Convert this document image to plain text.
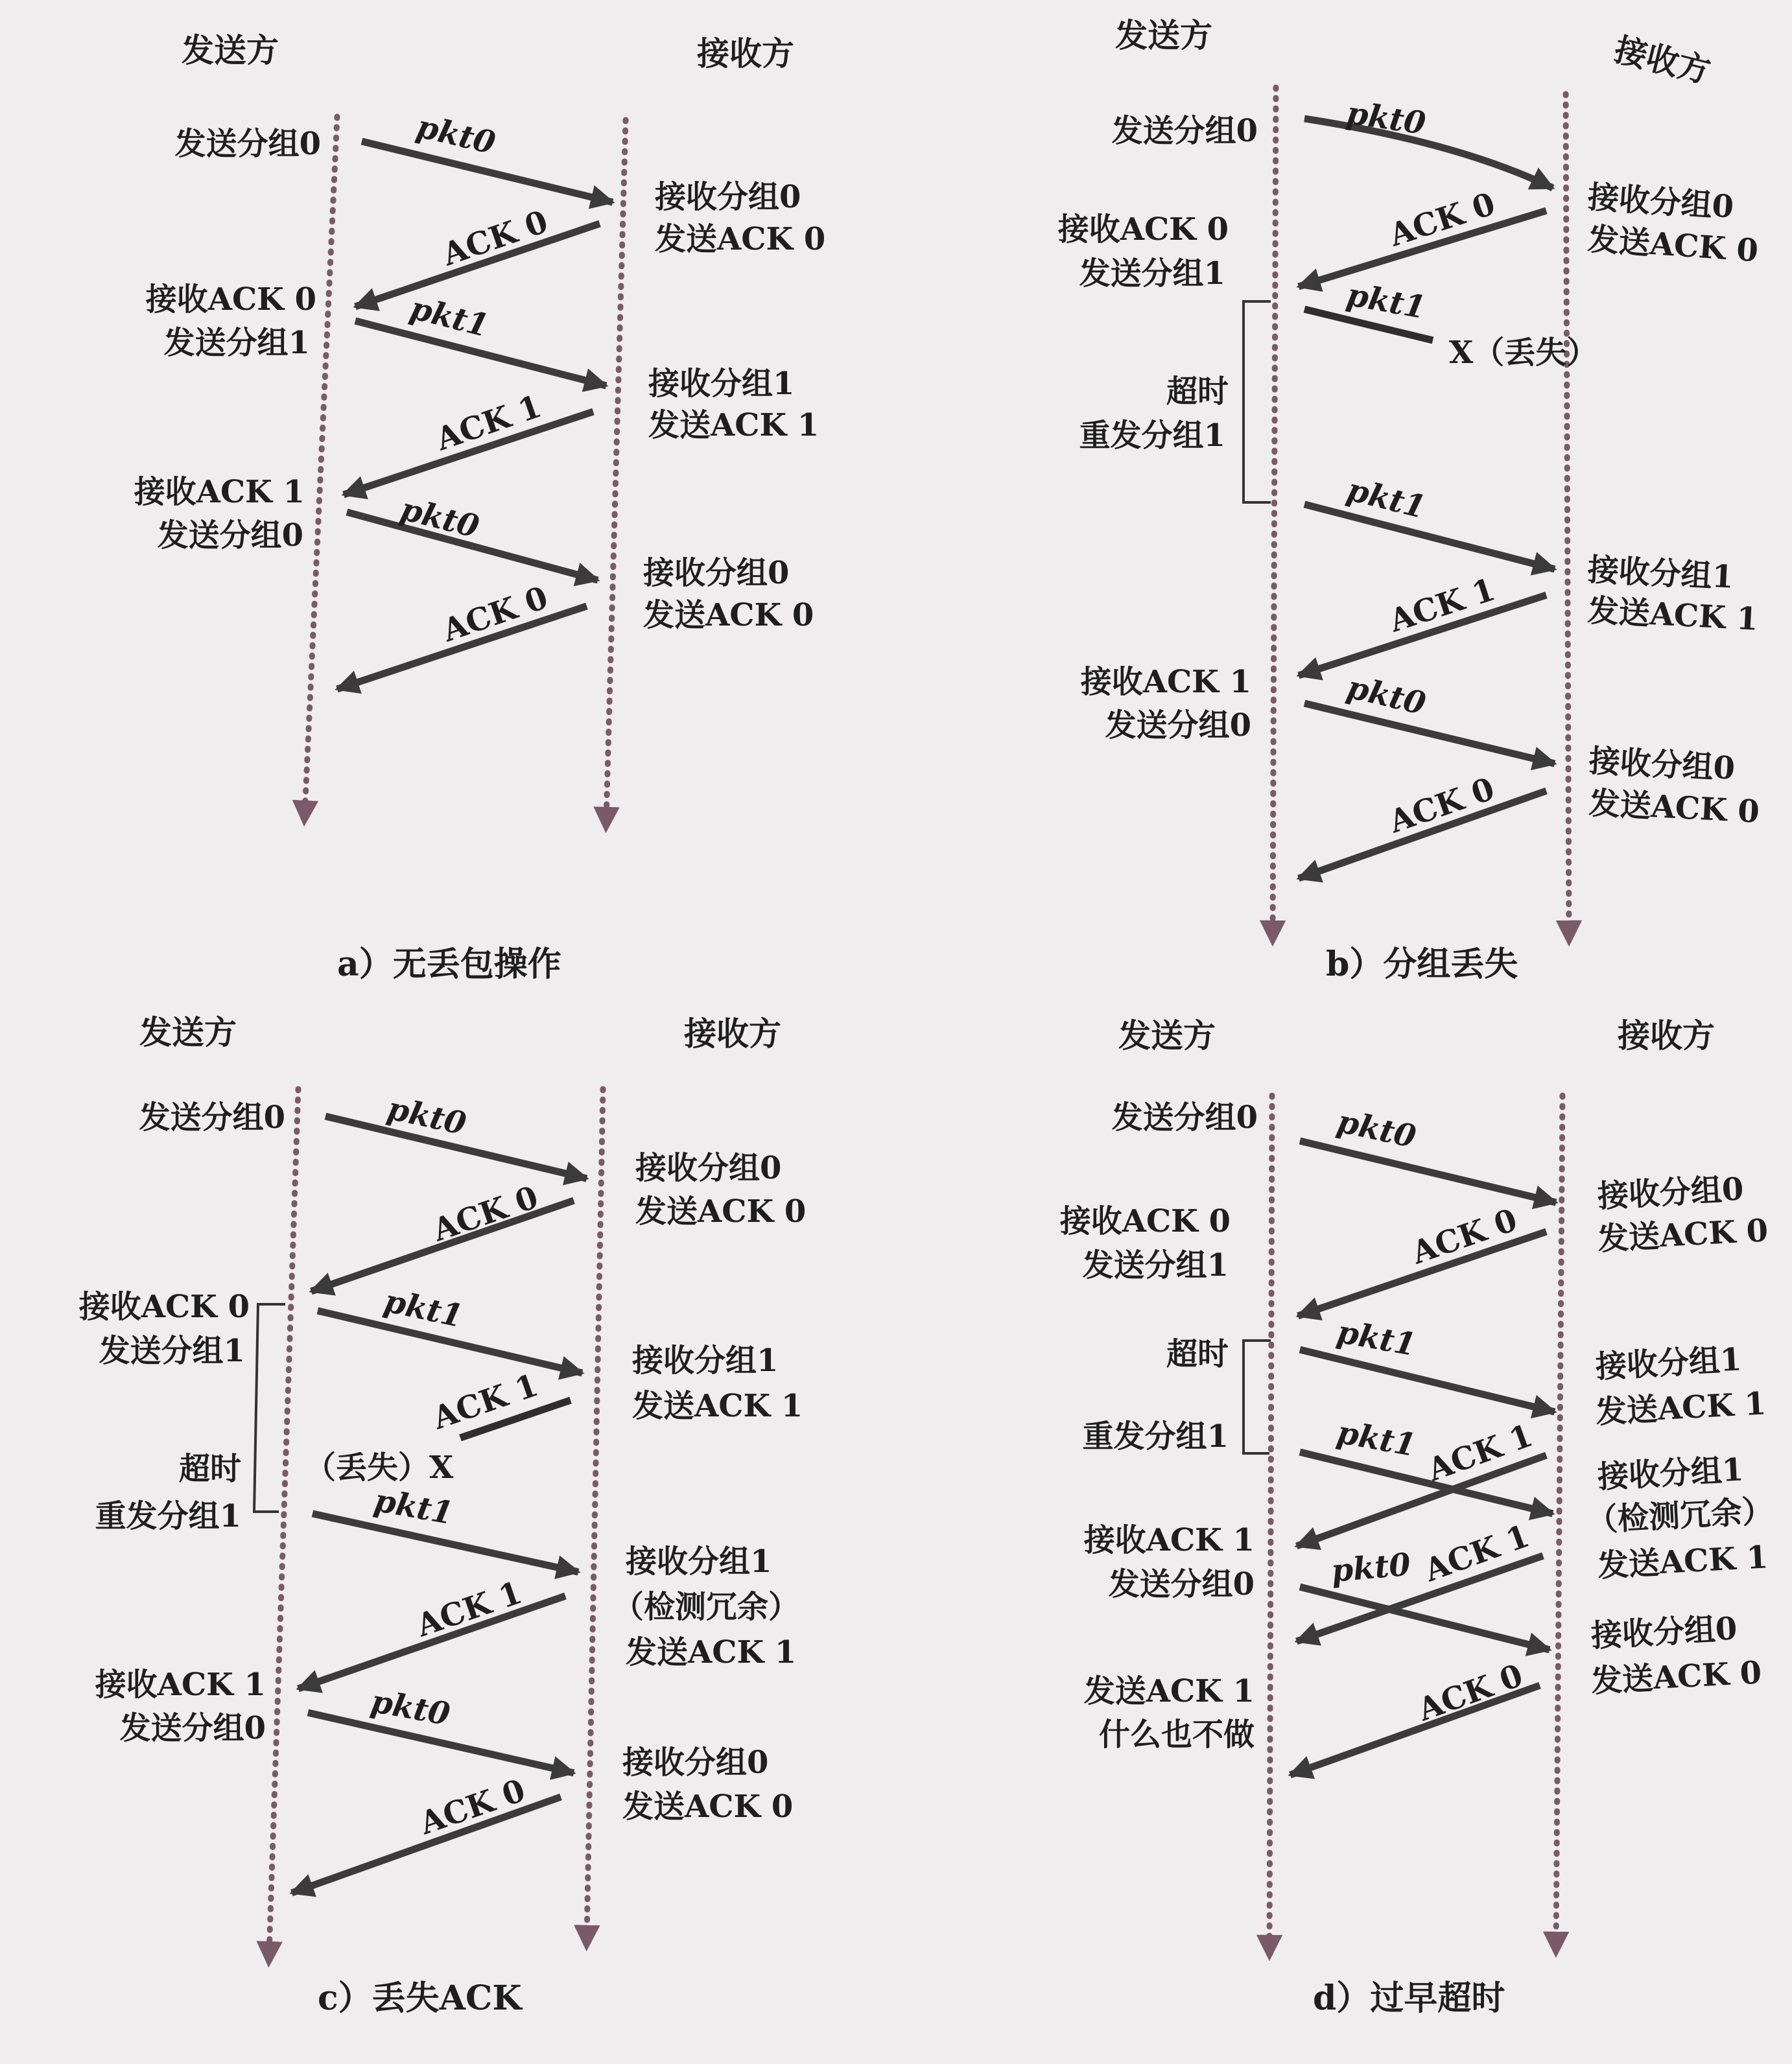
发送方	接收方
发送分组0
接收ACK 0
发送分组1
接收ACK 1
发送分组0
接收分组0
发送ACK 0
接收分组1
发送ACK 1
接收分组0
发送ACK 0
pkt0
ACK 0
pkt1
ACK 1
pkt0
ACK 0
a）无丢包操作
发送方	接收方
发送分组0
接收ACK 0
发送分组1
超时
重发分组1
接收ACK 1
发送分组0
接收分组0
发送ACK 0
接收分组1
发送ACK 1
接收分组0
发送ACK 0
pkt0
ACK 0
pkt1
pkt1
ACK 1
pkt0
ACK 0
X（丢失）
b）分组丢失
发送方	接收方
发送分组0
接收ACK 0
发送分组1
超时
重发分组1
接收ACK 1
发送分组0
接收分组0
发送ACK 0
接收分组1
发送ACK 1
接收分组1
（检测冗余）
发送ACK 1
接收分组0
发送ACK 0
pkt0
ACK 0
pkt1
ACK 1
pkt1
ACK 1
pkt0
ACK 0
（丢失）X
c）丢失ACK
发送方	接收方
发送分组0
接收ACK 0
发送分组1
超时
重发分组1
接收ACK 1
发送分组0
发送ACK 1
什么也不做
接收分组0
发送ACK 0
接收分组1
发送ACK 1
接收分组1
（检测冗余）
发送ACK 1
接收分组0
发送ACK 0
pkt0
ACK 0
pkt1
pkt1 ACK 1
ACK 1
pkt0
ACK 0
d）过早超时
